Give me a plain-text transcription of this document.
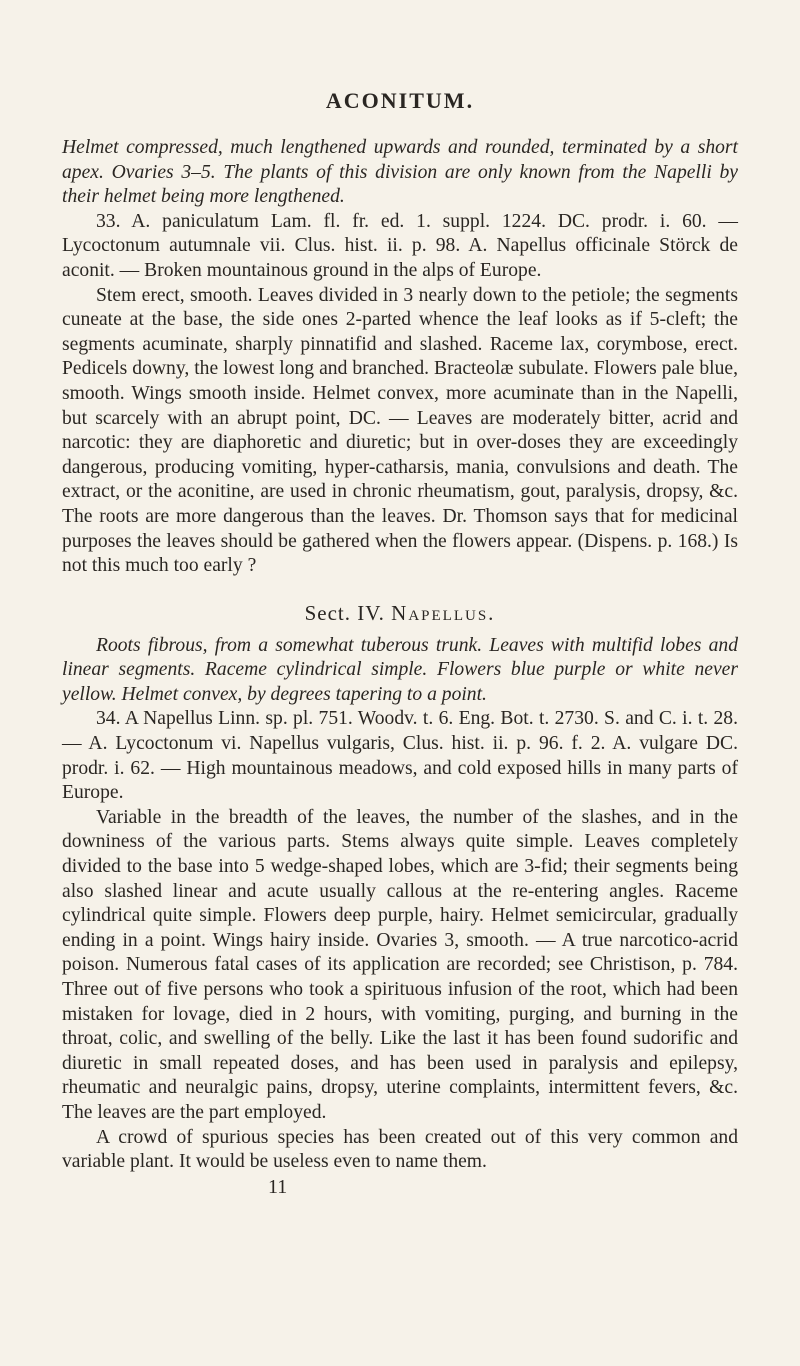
ACONITUM.

Helmet compressed, much lengthened upwards and rounded, terminated by a short apex. Ovaries 3–5. The plants of this division are only known from the Napelli by their helmet being more lengthened.

33. A. paniculatum Lam. fl. fr. ed. 1. suppl. 1224. DC. prodr. i. 60. — Lycoctonum autumnale vii. Clus. hist. ii. p. 98. A. Napellus officinale Störck de aconit. — Broken mountainous ground in the alps of Europe.

Stem erect, smooth. Leaves divided in 3 nearly down to the petiole; the segments cuneate at the base, the side ones 2-parted whence the leaf looks as if 5-cleft; the segments acuminate, sharply pinnatifid and slashed. Raceme lax, corymbose, erect. Pedicels downy, the lowest long and branched. Bracteolæ subulate. Flowers pale blue, smooth. Wings smooth inside. Helmet convex, more acuminate than in the Napelli, but scarcely with an abrupt point, DC. — Leaves are moderately bitter, acrid and narcotic: they are diaphoretic and diuretic; but in over-doses they are exceedingly dangerous, producing vomiting, hyper-catharsis, mania, convulsions and death. The extract, or the aconitine, are used in chronic rheumatism, gout, paralysis, dropsy, &c. The roots are more dangerous than the leaves. Dr. Thomson says that for medicinal purposes the leaves should be gathered when the flowers appear. (Dispens. p. 168.) Is not this much too early ?

Sect. IV. Napellus.

Roots fibrous, from a somewhat tuberous trunk. Leaves with multifid lobes and linear segments. Raceme cylindrical simple. Flowers blue purple or white never yellow. Helmet convex, by degrees tapering to a point.

34. A Napellus Linn. sp. pl. 751. Woodv. t. 6. Eng. Bot. t. 2730. S. and C. i. t. 28. — A. Lycoctonum vi. Napellus vulgaris, Clus. hist. ii. p. 96. f. 2. A. vulgare DC. prodr. i. 62. — High mountainous meadows, and cold exposed hills in many parts of Europe.

Variable in the breadth of the leaves, the number of the slashes, and in the downiness of the various parts. Stems always quite simple. Leaves completely divided to the base into 5 wedge-shaped lobes, which are 3-fid; their segments being also slashed linear and acute usually callous at the re-entering angles. Raceme cylindrical quite simple. Flowers deep purple, hairy. Helmet semicircular, gradually ending in a point. Wings hairy inside. Ovaries 3, smooth. — A true narcotico-acrid poison. Numerous fatal cases of its application are recorded; see Christison, p. 784. Three out of five persons who took a spirituous infusion of the root, which had been mistaken for lovage, died in 2 hours, with vomiting, purging, and burning in the throat, colic, and swelling of the belly. Like the last it has been found sudorific and diuretic in small repeated doses, and has been used in paralysis and epilepsy, rheumatic and neuralgic pains, dropsy, uterine complaints, intermittent fevers, &c. The leaves are the part employed.

A crowd of spurious species has been created out of this very common and variable plant. It would be useless even to name them.

11
